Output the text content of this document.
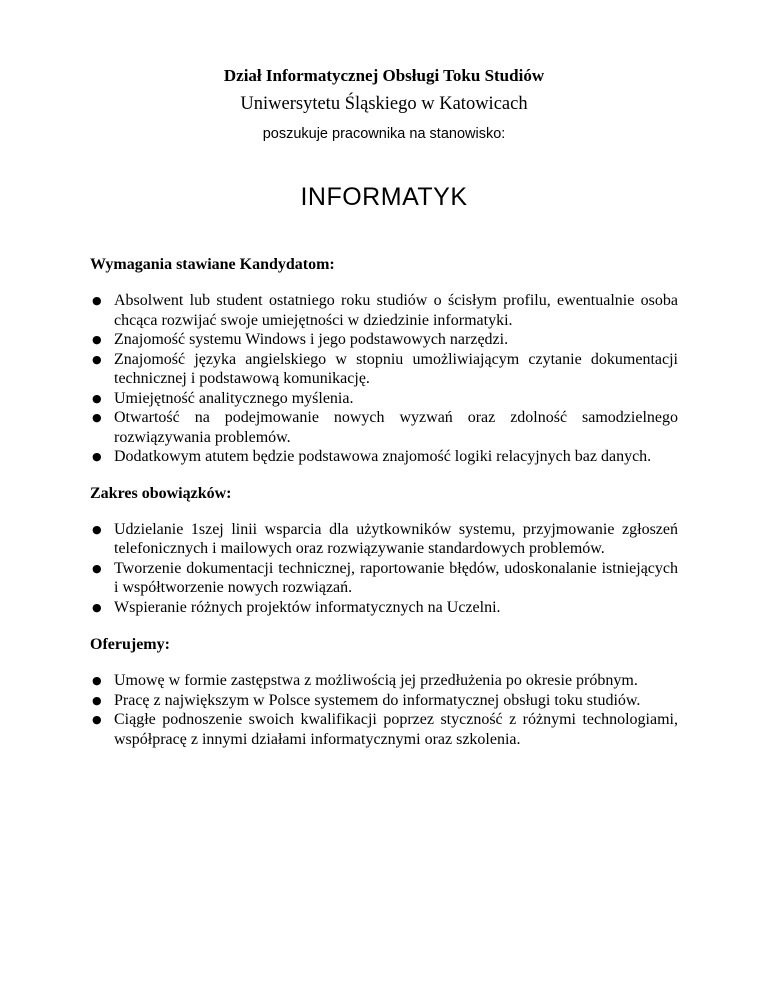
Dział Informatycznej Obsługi Toku Studiów
Uniwersytetu Śląskiego w Katowicach
poszukuje pracownika na stanowisko:
INFORMATYK

Wymagania stawiane Kandydatom:

● Absolwent lub student ostatniego roku studiów o ścisłym profilu, ewentualnie osoba chcąca rozwijać swoje umiejętności w dziedzinie informatyki.
● Znajomość systemu Windows i jego podstawowych narzędzi.
● Znajomość języka angielskiego w stopniu umożliwiającym czytanie dokumentacji technicznej i podstawową komunikację.
● Umiejętność analitycznego myślenia.
● Otwartość na podejmowanie nowych wyzwań oraz zdolność samodzielnego rozwiązywania problemów.
● Dodatkowym atutem będzie podstawowa znajomość logiki relacyjnych baz danych.

Zakres obowiązków:

● Udzielanie 1szej linii wsparcia dla użytkowników systemu, przyjmowanie zgłoszeń telefonicznych i mailowych oraz rozwiązywanie standardowych problemów.
● Tworzenie dokumentacji technicznej, raportowanie błędów, udoskonalanie istniejących i współtworzenie nowych rozwiązań.
● Wspieranie różnych projektów informatycznych na Uczelni.

Oferujemy:

● Umowę w formie zastępstwa z możliwością jej przedłużenia po okresie próbnym.
● Pracę z największym w Polsce systemem do informatycznej obsługi toku studiów.
● Ciągłe podnoszenie swoich kwalifikacji poprzez styczność z różnymi technologiami, współpracę z innymi działami informatycznymi oraz szkolenia.
